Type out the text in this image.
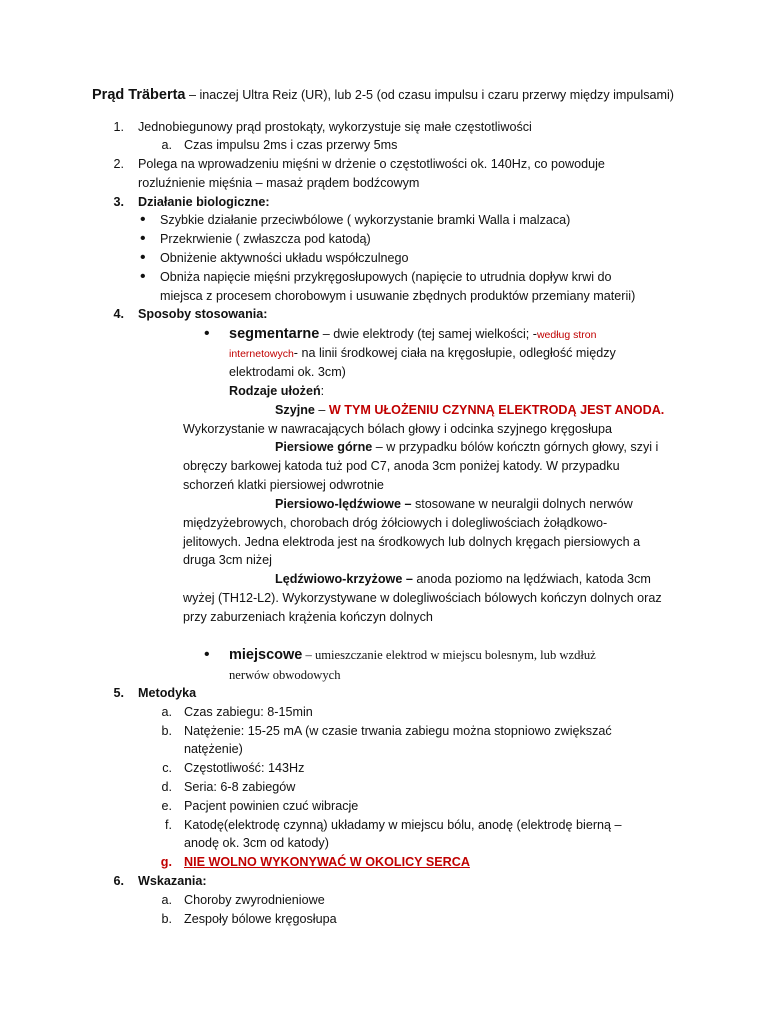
Prąd Träberta – inaczej Ultra Reiz (UR), lub 2-5 (od czasu impulsu i czaru przerwy między impulsami)
1. Jednobiegunowy prąd prostokąty, wykorzystuje się małe częstotliwości
a. Czas impulsu 2ms i czas przerwy 5ms
2. Polega na wprowadzeniu mięśni w drżenie o częstotliwości ok. 140Hz, co powoduje
rozluźnienie mięśnia – masaż prądem bodźcowym
3. Działanie biologiczne:
• Szybkie działanie przeciwbólowe ( wykorzystanie bramki Walla i malzaca)
• Przekrwienie ( zwłaszcza pod katodą)
• Obniżenie aktywności układu współczulnego
• Obniża napięcie mięśni przykręgosłupowych (napięcie to utrudnia dopływ krwi do
miejsca z procesem chorobowym i usuwanie zbędnych produktów przemiany materii)
4. Sposoby stosowania:
• segmentarne – dwie elektrody (tej samej wielkości; -według stron
internetowych- na linii środkowej ciała na kręgosłupie, odległość między
elektrodami ok. 3cm)
Rodzaje ułożeń:
Szyjne – W TYM UŁOŻENIU CZYNNĄ ELEKTRODĄ JEST ANODA.
Wykorzystanie w nawracających bólach głowy i odcinka szyjnego kręgosłupa
Piersiowe górne – w przypadku bólów kończtn górnych głowy, szyi i
obręczy barkowej katoda tuż pod C7, anoda 3cm poniżej katody. W przypadku
schorzeń klatki piersiowej odwrotnie
Piersiowo-lędźwiowe – stosowane w neuralgii dolnych nerwów
międzyżebrowych, chorobach dróg żółciowych i dolegliwościach żołądkowo-
jelitowych. Jedna elektroda jest na środkowych lub dolnych kręgach piersiowych a
druga 3cm niżej
Lędźwiowo-krzyżowe – anoda poziomo na lędźwiach, katoda 3cm
wyżej (TH12-L2). Wykorzystywane w dolegliwościach bólowych kończyn dolnych oraz
przy zaburzeniach krążenia kończyn dolnych
• miejscowe – umieszczanie elektrod w miejscu bolesnym, lub wzdłuż
nerwów obwodowych
5. Metodyka
a. Czas zabiegu: 8-15min
b. Natężenie: 15-25 mA (w czasie trwania zabiegu można stopniowo zwiększać
natężenie)
c. Częstotliwość: 143Hz
d. Seria: 6-8 zabiegów
e. Pacjent powinien czuć wibracje
f. Katodę(elektrodę czynną) układamy w miejscu bólu, anodę (elektrodę bierną –
anodę ok. 3cm od katody)
g. NIE WOLNO WYKONYWAĆ W OKOLICY SERCA
6. Wskazania:
a. Choroby zwyrodnieniowe
b. Zespoły bólowe kręgosłupa
